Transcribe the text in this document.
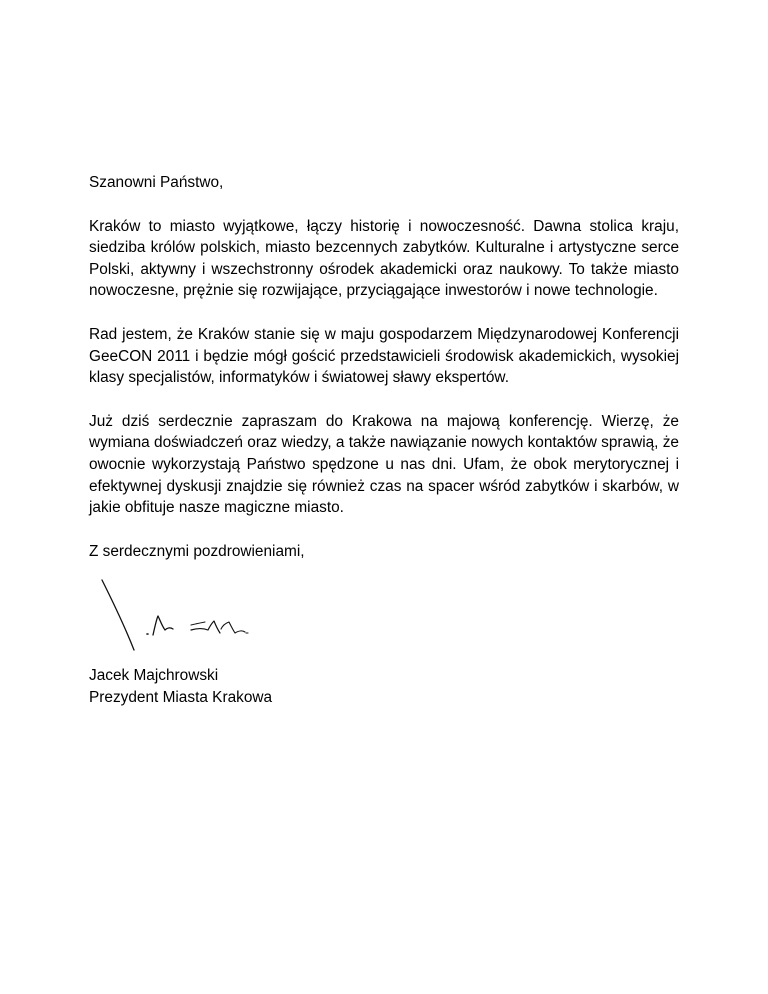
Szanowni Państwo,

Kraków to miasto wyjątkowe, łączy historię i nowoczesność. Dawna stolica kraju, siedziba królów polskich, miasto bezcennych zabytków. Kulturalne i artystyczne serce Polski, aktywny i wszechstronny ośrodek akademicki oraz naukowy. To także miasto nowoczesne, prężnie się rozwijające, przyciągające inwestorów i nowe technologie.

Rad jestem, że Kraków stanie się w maju gospodarzem Międzynarodowej Konferencji GeeCON 2011 i będzie mógł gościć przedstawicieli środowisk akademickich, wysokiej klasy specjalistów, informatyków i światowej sławy ekspertów.

Już dziś serdecznie zapraszam do Krakowa na majową konferencję. Wierzę, że wymiana doświadczeń oraz wiedzy, a także nawiązanie nowych kontaktów sprawią, że owocnie wykorzystają Państwo spędzone u nas dni. Ufam, że obok merytorycznej i efektywnej dyskusji znajdzie się również czas na spacer wśród zabytków i skarbów, w jakie obfituje nasze magiczne miasto.

Z serdecznymi pozdrowieniami,

Jacek Majchrowski
Prezydent Miasta Krakowa
